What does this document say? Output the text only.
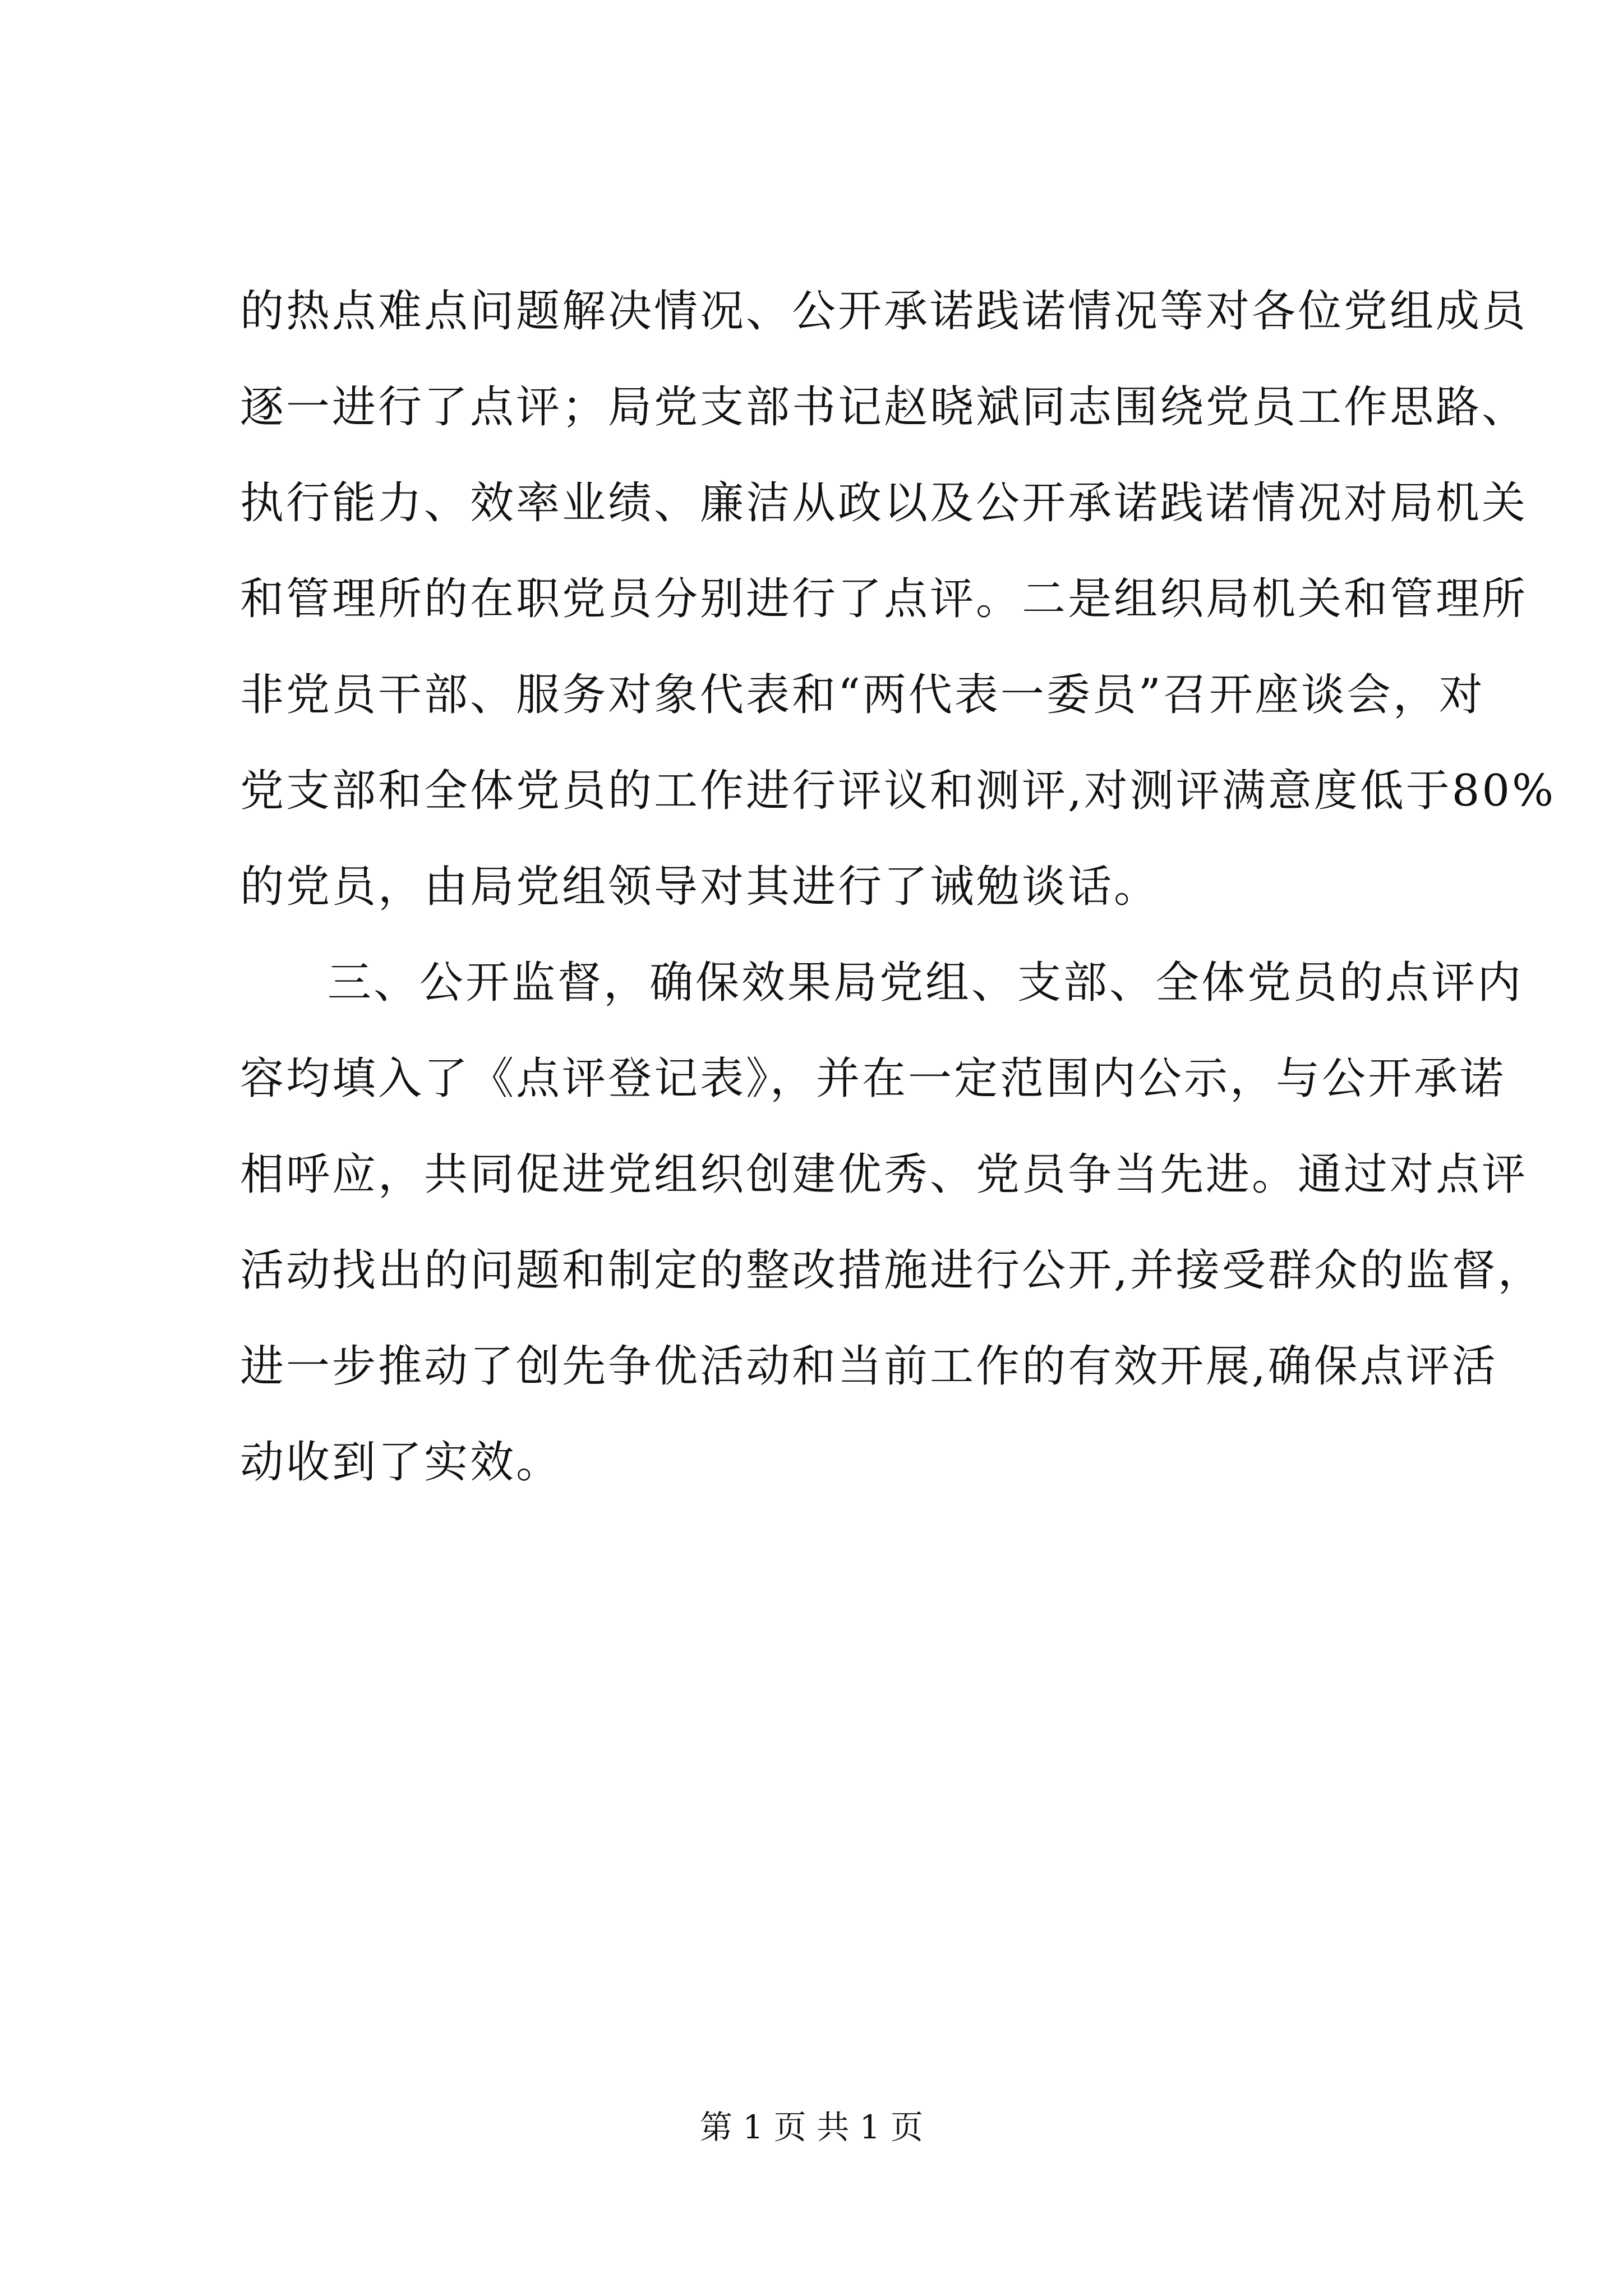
的热点难点问题解决情况、公开承诺践诺情况等对各位党组成员
逐一进行了点评；局党支部书记赵晓斌同志围绕党员工作思路、
执行能力、效率业绩、廉洁从政以及公开承诺践诺情况对局机关
和管理所的在职党员分别进行了点评。二是组织局机关和管理所
非党员干部、服务对象代表和“两代表一委员”召开座谈会，对
党支部和全体党员的工作进行评议和测评,对测评满意度低于80%
的党员，由局党组领导对其进行了诫勉谈话。
三、公开监督，确保效果局党组、支部、全体党员的点评内
容均填入了《点评登记表》，并在一定范围内公示，与公开承诺
相呼应，共同促进党组织创建优秀、党员争当先进。通过对点评
活动找出的问题和制定的整改措施进行公开,并接受群众的监督，
进一步推动了创先争优活动和当前工作的有效开展,确保点评活
动收到了实效。
第 1 页 共 1 页
